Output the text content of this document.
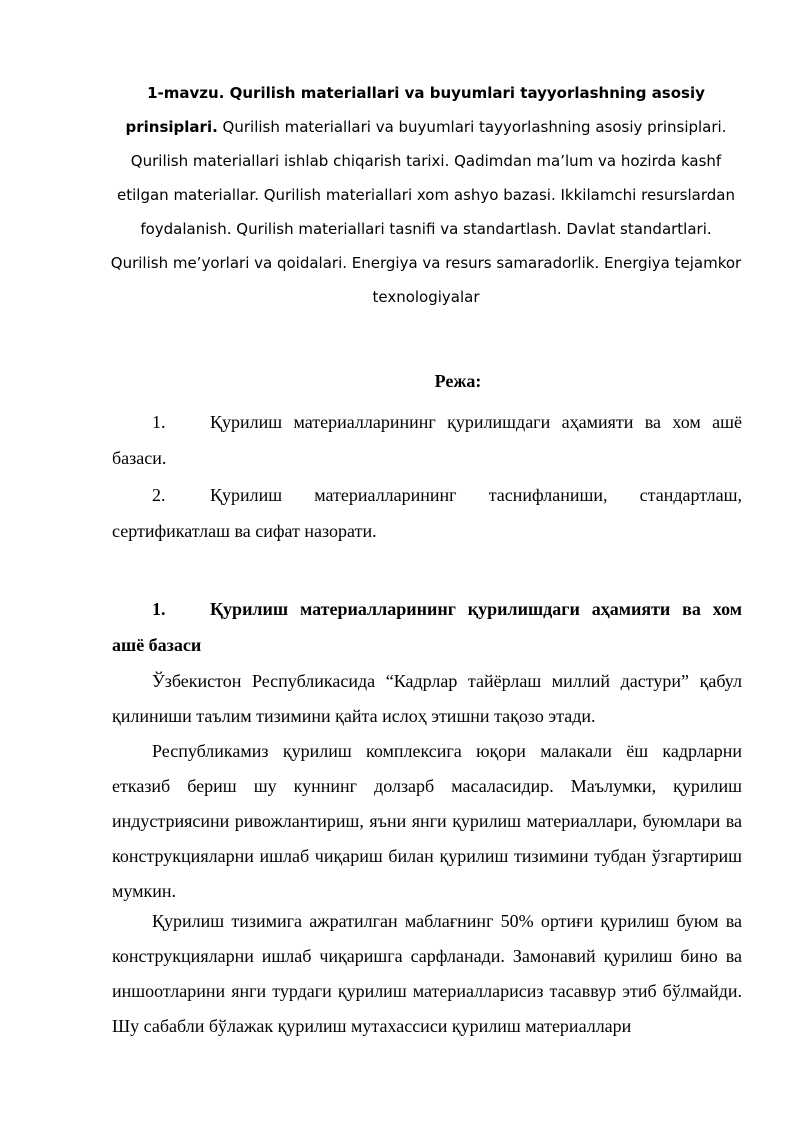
1-mavzu. Qurilish materiallari va buyumlari tayyorlashning asosiy prinsiplari. Qurilish materiallari va buyumlari tayyorlashning asosiy prinsiplari. Qurilish materiallari ishlab chiqarish tarixi. Qadimdan ma’lum va hozirda kashf etilgan materiallar. Qurilish materiallari xom ashyo bazasi. Ikkilamchi resurslardan foydalanish. Qurilish materiallari tasnifi va standartlash. Davlat standartlari. Qurilish me’yorlari va qoidalari. Energiya va resurs samaradorlik. Energiya tejamkor texnologiyalar
Режа:
1. Қурилиш материалларининг қурилишдаги аҳамияти ва хом ашё
базаси.
2. Қурилиш материалларининг таснифланиши, стандартлаш,
сертификатлаш ва сифат назорати.
1. Қурилиш материалларининг қурилишдаги аҳамияти ва хом
ашё базаси
Ўзбекистон Республикасида “Кадрлар тайёрлаш миллий дастури” қабул қилиниши таълим тизимини қайта ислоҳ этишни тақозо этади.
Республикамиз қурилиш комплексига юқори малакали ёш кадрларни етказиб бериш шу куннинг долзарб масаласидир. Маълумки, қурилиш индустриясини ривожлантириш, яъни янги қурилиш материаллари, буюмлари ва конструкцияларни ишлаб чиқариш билан қурилиш тизимини тубдан ўзгартириш мумкин.
Қурилиш тизимига ажратилган маблағнинг 50% ортиғи қурилиш буюм ва конструкцияларни ишлаб чиқаришга сарфланади. Замонавий қурилиш бино ва иншоотларини янги турдаги қурилиш материалларисиз тасаввур этиб бўлмайди. Шу сабабли бўлажак қурилиш мутахассиси қурилиш материаллари
